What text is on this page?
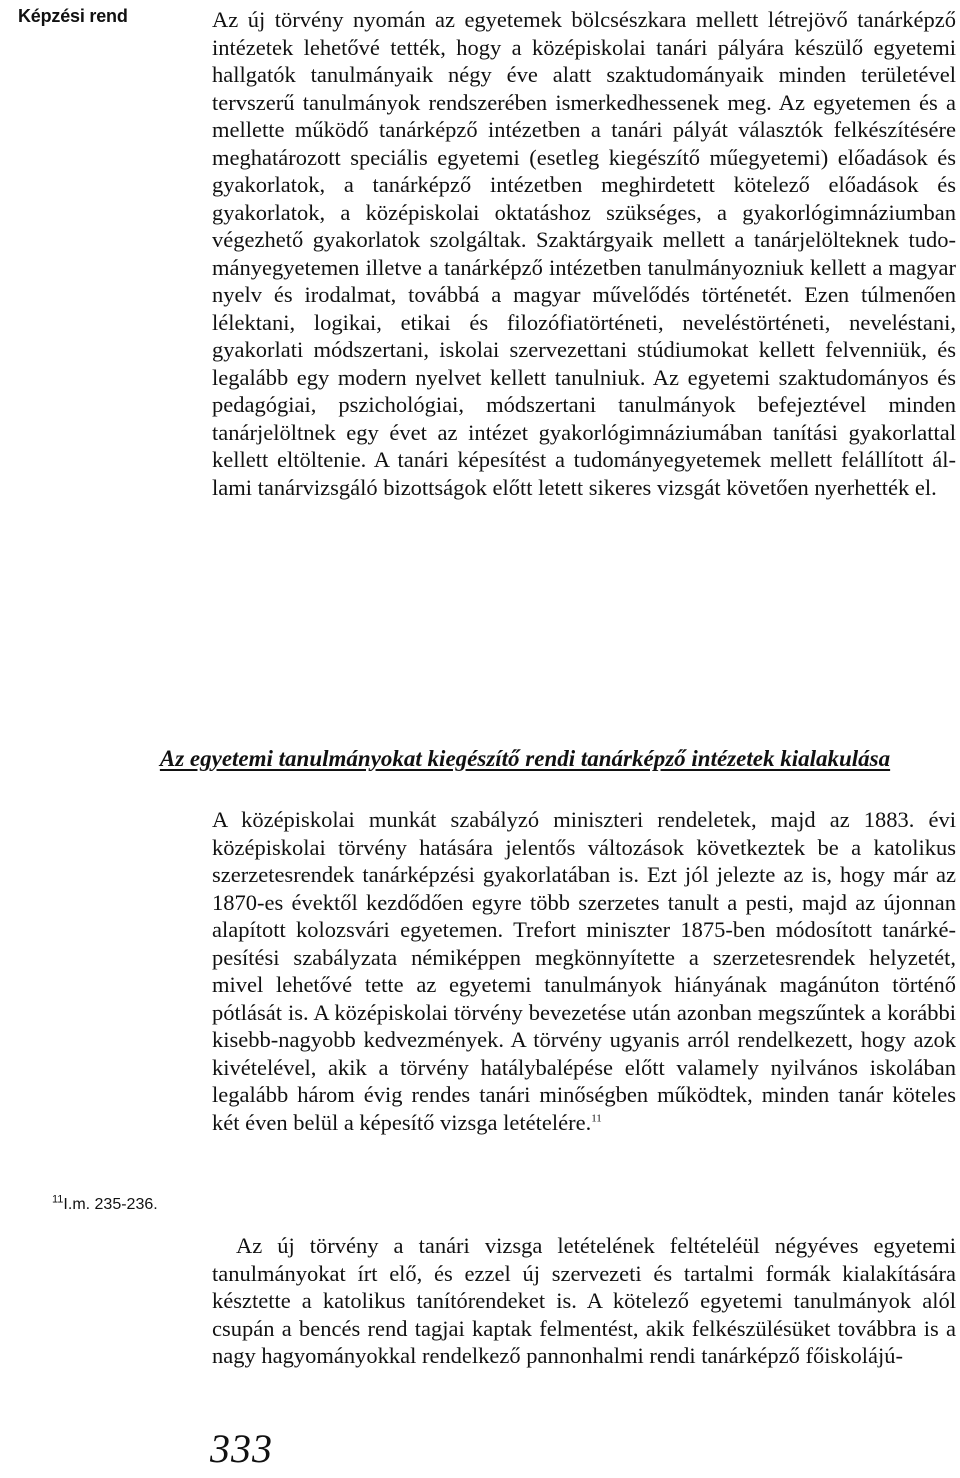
Képzési rend	Az új törvény nyomán az egyetemek bölcsészkara mellett létrejövő tanárképző intézetek lehetővé tették, hogy a középiskolai tanári pályára készülő egyetemi hallgatók tanulmányaik négy éve alatt szaktudományaik minden területével tervszerű tanulmányok rendszerében ismerkedhessenek meg. Az egyetemen és a mellette működő tanárképző intézetben a tanári pályát választók felkészítésére meghatározott speciális egyetemi (esetleg kiegészítő műegyetemi) előadások és gyakorlatok, a tanárképző intézetben meghirdetett kötelező előadások és gyakorlatok, a középiskolai oktatáshoz szükséges, a gyakorlógimnáziumban végezhető gyakorlatok szolgáltak. Szaktárgyaik mellett a tanárjelölteknek tudományegyetemen illetve a tanárképző intézetben tanulmányozniuk kellett a magyar nyelv és irodalmat, továbbá a magyar művelődés történetét. Ezen túlmenően lélektani, logikai, etikai és filozófiatörténeti, neveléstörténeti, neveléstani, gyakorlati módszertani, iskolai szervezettani stúdiumokat kellett felvenniük, és legalább egy modern nyelvet kellett tanulniuk. Az egyetemi szaktudományos és pedagógiai, pszichológiai, módszertani tanulmányok befejeztével minden tanárjelöltnek egy évet az intézet gyakorlógimnáziumában tanítási gyakorlattal kellett eltöltenie. A tanári képesítést a tudományegyetemek mellett felállított állami tanárvizsgáló bizottságok előtt letett sikeres vizsgát követően nyerhették el.

Az egyetemi tanulmányokat kiegészítő rendi tanárképző intézetek kialakulása

A középiskolai munkát szabályzó miniszteri rendeletek, majd az 1883. évi középiskolai törvény hatására jelentős változások következtek be a katolikus szerzetesrendek tanárképzési gyakorlatában is. Ezt jól jelezte az is, hogy már az 1870-es évektől kezdődően egyre több szerzetes tanult a pesti, majd az újonnan alapított kolozsvári egyetemen. Trefort miniszter 1875-ben módosított tanárképesítési szabályzata némiképpen megkönnyítette a szerzetesrendek helyzetét, mivel lehetővé tette az egyetemi tanulmányok hiányának magánúton történő pótlását is. A középiskolai törvény bevezetése után azonban megszűntek a korábbi kisebb-nagyobb kedvezmények. A törvény ugyanis arról rendelkezett, hogy azok kivételével, akik a törvény hatálybalépése előtt valamely nyilvános iskolában legalább három évig rendes tanári minőségben működtek, minden tanár köteles két éven belül a képesítő vizsga letételére.$^{11}$

$^{11}$I.m. 235-236.

Az új törvény a tanári vizsga letételének feltételéül négyéves egyetemi tanulmányokat írt elő, és ezzel új szervezeti és tartalmi formák kialakítására késztette a katolikus tanítórendeket is. A kötelező egyetemi tanulmányok alól csupán a bencés rend tagjai kaptak felmentést, akik felkészülésüket továbbra is a nagy hagyományokkal rendelkező pannonhalmi rendi tanárképző főiskolájú-

333
